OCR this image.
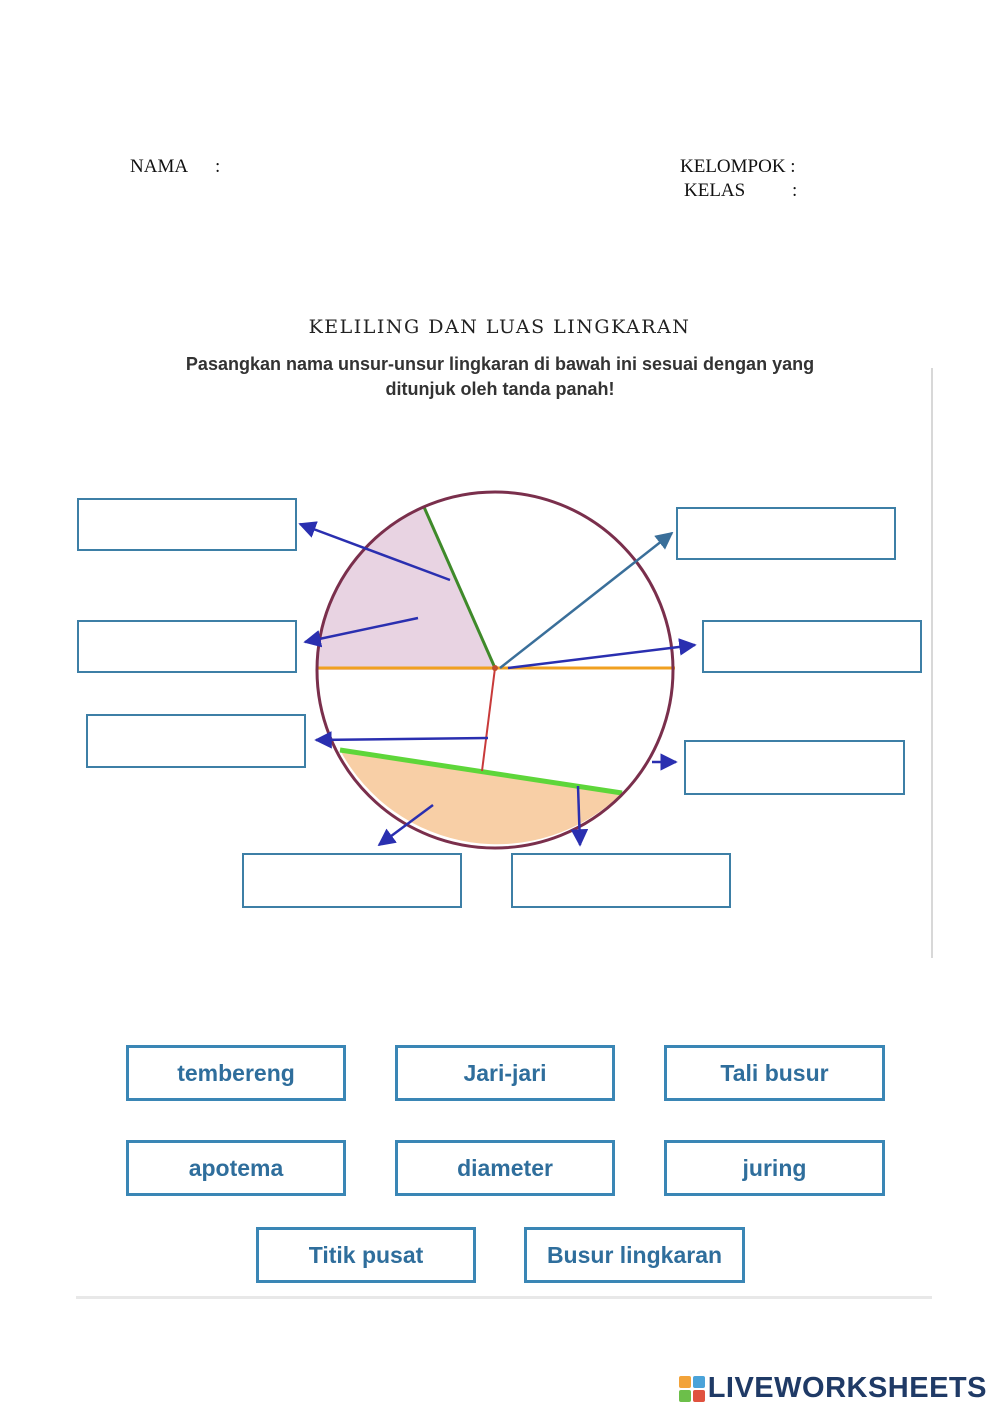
NAMA :	KELOMPOK :
KELAS :
KELILING DAN LUAS LINGKARAN
Pasangkan nama unsur-unsur lingkaran di bawah ini sesuai dengan yang
ditunjuk oleh tanda panah!
tembereng	Jari-jari	Tali busur
apotema	diameter	juring
Titik pusat	Busur lingkaran
LIVEWORKSHEETS
